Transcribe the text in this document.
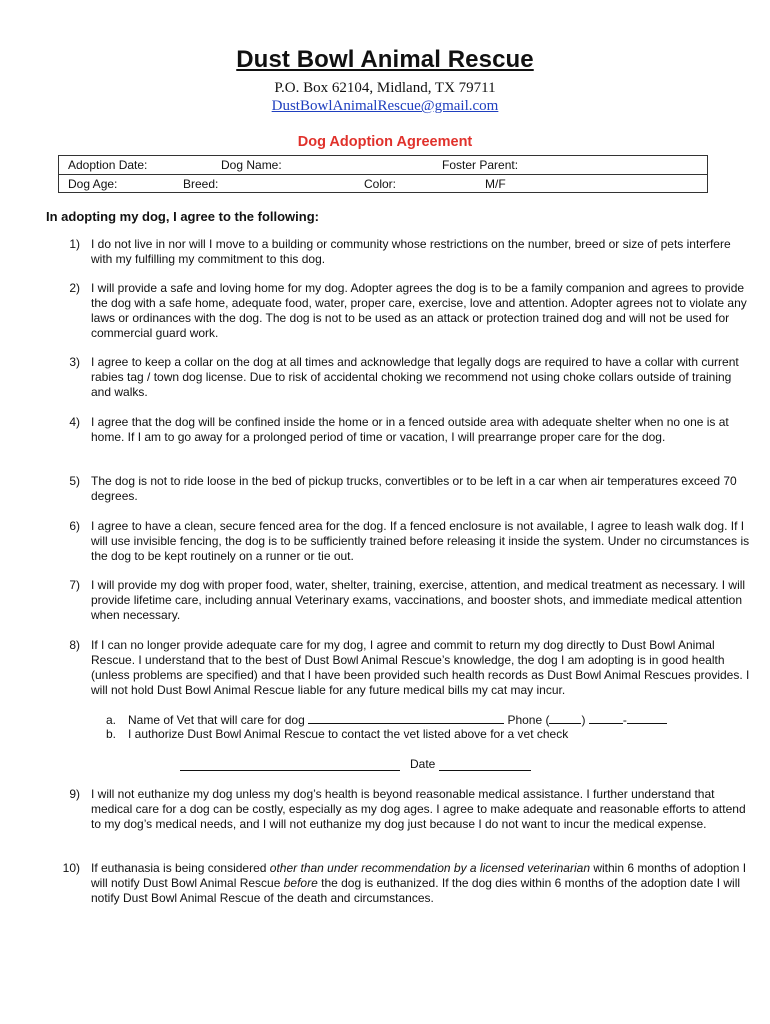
Dust Bowl Animal Rescue
P.O. Box 62104, Midland, TX 79711
DustBowlAnimalRescue@gmail.com
Dog Adoption Agreement
Adoption Date:	Dog Name:	Foster Parent:
Dog Age:	Breed:	Color:	M/F
In adopting my dog, I agree to the following:
1) I do not live in nor will I move to a building or community whose restrictions on the number, breed or size of pets interfere with my fulfilling my commitment to this dog.
2) I will provide a safe and loving home for my dog. Adopter agrees the dog is to be a family companion and agrees to provide the dog with a safe home, adequate food, water, proper care, exercise, love and attention. Adopter agrees not to violate any laws or ordinances with the dog. The dog is not to be used as an attack or protection trained dog and will not be used for commercial guard work.
3) I agree to keep a collar on the dog at all times and acknowledge that legally dogs are required to have a collar with current rabies tag / town dog license. Due to risk of accidental choking we recommend not using choke collars outside of training and walks.
4) I agree that the dog will be confined inside the home or in a fenced outside area with adequate shelter when no one is at home. If I am to go away for a prolonged period of time or vacation, I will prearrange proper care for the dog.
5) The dog is not to ride loose in the bed of pickup trucks, convertibles or to be left in a car when air temperatures exceed 70 degrees.
6) I agree to have a clean, secure fenced area for the dog. If a fenced enclosure is not available, I agree to leash walk dog. If I will use invisible fencing, the dog is to be sufficiently trained before releasing it inside the system. Under no circumstances is the dog to be kept routinely on a runner or tie out.
7) I will provide my dog with proper food, water, shelter, training, exercise, attention, and medical treatment as necessary. I will provide lifetime care, including annual Veterinary exams, vaccinations, and booster shots, and immediate medical attention when necessary.
8) If I can no longer provide adequate care for my dog, I agree and commit to return my dog directly to Dust Bowl Animal Rescue. I understand that to the best of Dust Bowl Animal Rescue’s knowledge, the dog I am adopting is in good health (unless problems are specified) and that I have been provided such health records as Dust Bowl Animal Rescues provides. I will not hold Dust Bowl Animal Rescue liable for any future medical bills my cat may incur.
a. Name of Vet that will care for dog	Phone (	)	-
b. I authorize Dust Bowl Animal Rescue to contact the vet listed above for a vet check
Date
9) I will not euthanize my dog unless my dog’s health is beyond reasonable medical assistance. I further understand that medical care for a dog can be costly, especially as my dog ages. I agree to make adequate and reasonable efforts to attend to my dog’s medical needs, and I will not euthanize my dog just because I do not want to incur the medical expense.
10) If euthanasia is being considered other than under recommendation by a licensed veterinarian within 6 months of adoption I will notify Dust Bowl Animal Rescue before the dog is euthanized. If the dog dies within 6 months of the adoption date I will notify Dust Bowl Animal Rescue of the death and circumstances.
